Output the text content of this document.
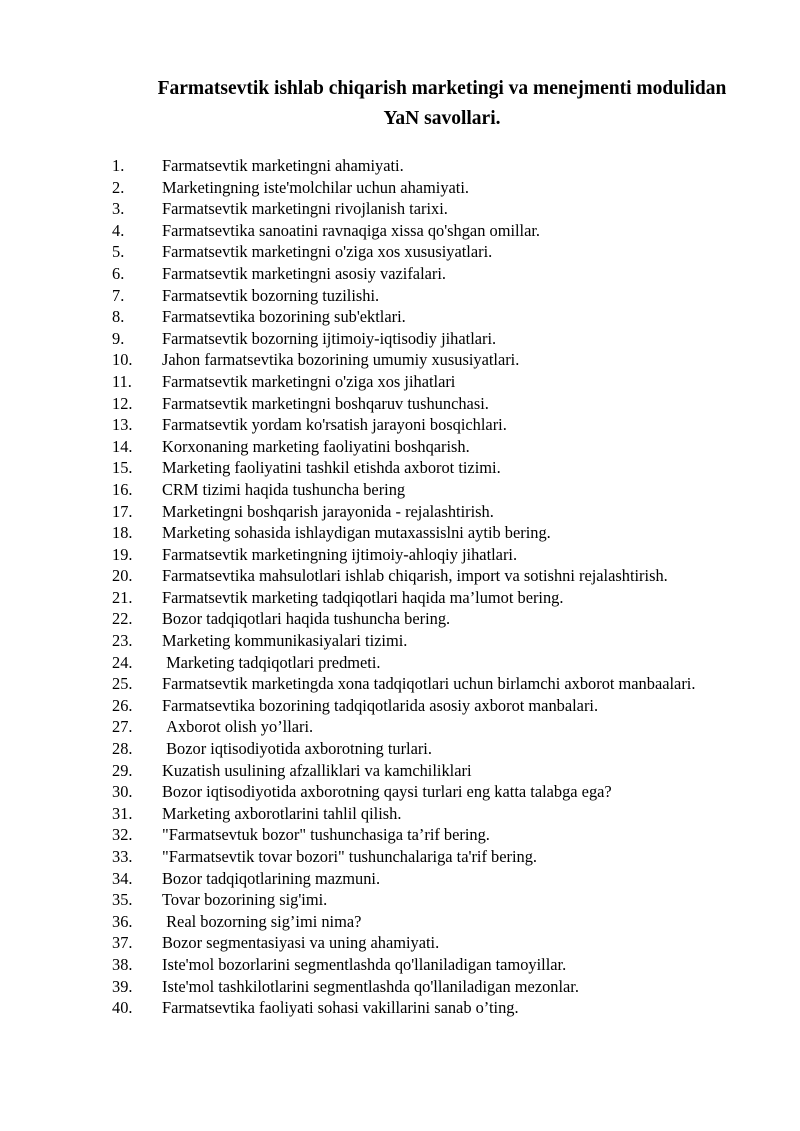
Farmatsevtik ishlab chiqarish marketingi va menejmenti modulidan
YaN savollari.
1.	Farmatsevtik marketingni ahamiyati.
2.	Marketingning iste'molchilar uchun ahamiyati.
3.	Farmatsevtik marketingni rivojlanish tarixi.
4.	Farmatsevtika sanoatini ravnaqiga xissa qo'shgan omillar.
5.	Farmatsevtik marketingni o'ziga xos xususiyatlari.
6.	Farmatsevtik marketingni asosiy vazifalari.
7.	Farmatsevtik bozorning tuzilishi.
8.	Farmatsevtika bozorining sub'ektlari.
9.	Farmatsevtik bozorning ijtimoiy-iqtisodiy jihatlari.
10.	Jahon farmatsevtika bozorining umumiy xususiyatlari.
11.	Farmatsevtik marketingni o'ziga xos jihatlari
12.	Farmatsevtik marketingni boshqaruv tushunchasi.
13.	Farmatsevtik yordam ko'rsatish jarayoni bosqichlari.
14.	Korxonaning marketing faoliyatini boshqarish.
15.	Marketing faoliyatini tashkil etishda axborot tizimi.
16.	CRM tizimi haqida tushuncha bering
17.	Marketingni boshqarish jarayonida - rejalashtirish.
18.	Marketing sohasida ishlaydigan mutaxassislni aytib bering.
19.	Farmatsevtik marketingning ijtimoiy-ahloqiy jihatlari.
20.	Farmatsevtika mahsulotlari ishlab chiqarish, import va sotishni rejalashtirish.
21.	Farmatsevtik marketing tadqiqotlari haqida ma’lumot bering.
22.	Bozor tadqiqotlari haqida tushuncha bering.
23.	Marketing kommunikasiyalari tizimi.
24.	Marketing tadqiqotlari predmeti.
25.	Farmatsevtik marketingda xona tadqiqotlari uchun birlamchi axborot manbaalari.
26.	Farmatsevtika bozorining tadqiqotlarida asosiy axborot manbalari.
27.	Axborot olish yo’llari.
28.	Bozor iqtisodiyotida axborotning turlari.
29.	Kuzatish usulining afzalliklari va kamchiliklari
30.	Bozor iqtisodiyotida axborotning qaysi turlari eng katta talabga ega?
31.	Marketing axborotlarini tahlil qilish.
32.	"Farmatsevtuk bozor" tushunchasiga ta’rif bering.
33.	"Farmatsevtik tovar bozori" tushunchalariga ta'rif bering.
34.	Bozor tadqiqotlarining mazmuni.
35.	Tovar bozorining sig'imi.
36.	Real bozorning sig’imi nima?
37.	Bozor segmentasiyasi va uning ahamiyati.
38.	Iste'mol bozorlarini segmentlashda qo'llaniladigan tamoyillar.
39.	Iste'mol tashkilotlarini segmentlashda qo'llaniladigan mezonlar.
40.	Farmatsevtika faoliyati sohasi vakillarini sanab o’ting.
